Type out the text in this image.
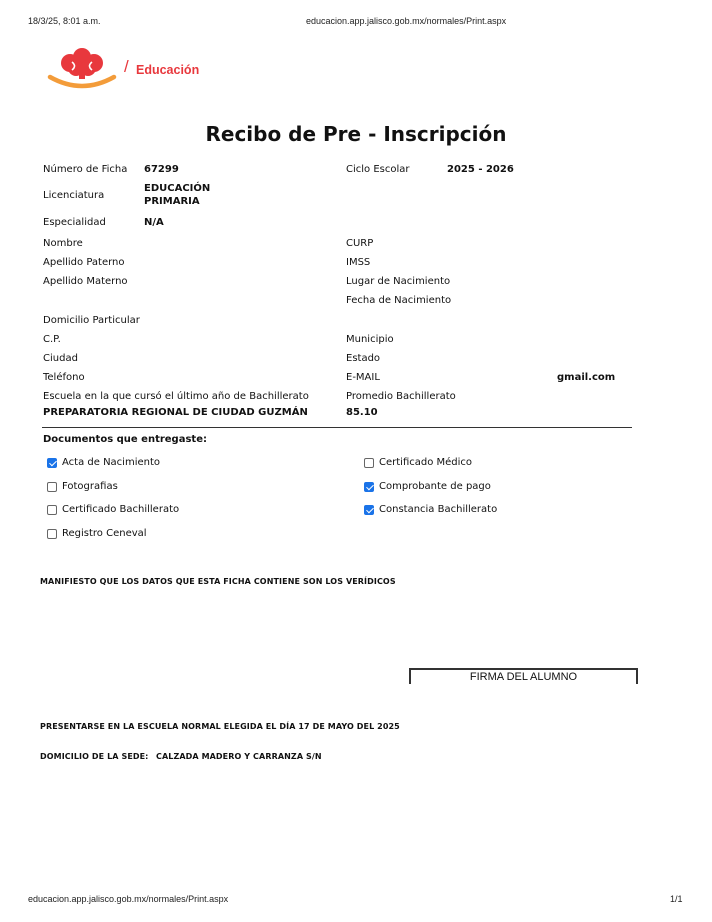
18/3/25, 8:01 a.m.	educacion.app.jalisco.gob.mx/normales/Print.aspx
/ Educación
Recibo de Pre - Inscripción
Número de Ficha 67299	Ciclo Escolar	2025 - 2026
Licenciatura
EDUCACIÓN
PRIMARIA
Especialidad	N/A
Nombre	CURP
Apellido Paterno	IMSS
Apellido Materno	Lugar de Nacimiento
Fecha de Nacimiento
Domicilio Particular
C.P.	Municipio
Ciudad	Estado
Teléfono	E-MAIL	gmail.com
Escuela en la que cursó el último año de Bachillerato	Promedio Bachillerato
PREPARATORIA REGIONAL DE CIUDAD GUZMÁN	85.10
Documentos que entregaste:
Acta de Nacimiento
Fotografias
Certificado Bachillerato
Registro Ceneval
Certificado Médico
Comprobante de pago
Constancia Bachillerato
MANIFIESTO QUE LOS DATOS QUE ESTA FICHA CONTIENE SON LOS VERÍDICOS
FIRMA DEL ALUMNO
PRESENTARSE EN LA ESCUELA NORMAL ELEGIDA EL DÍA 17 DE MAYO DEL 2025
DOMICILIO DE LA SEDE: CALZADA MADERO Y CARRANZA S/N
educacion.app.jalisco.gob.mx/normales/Print.aspx	1/1
